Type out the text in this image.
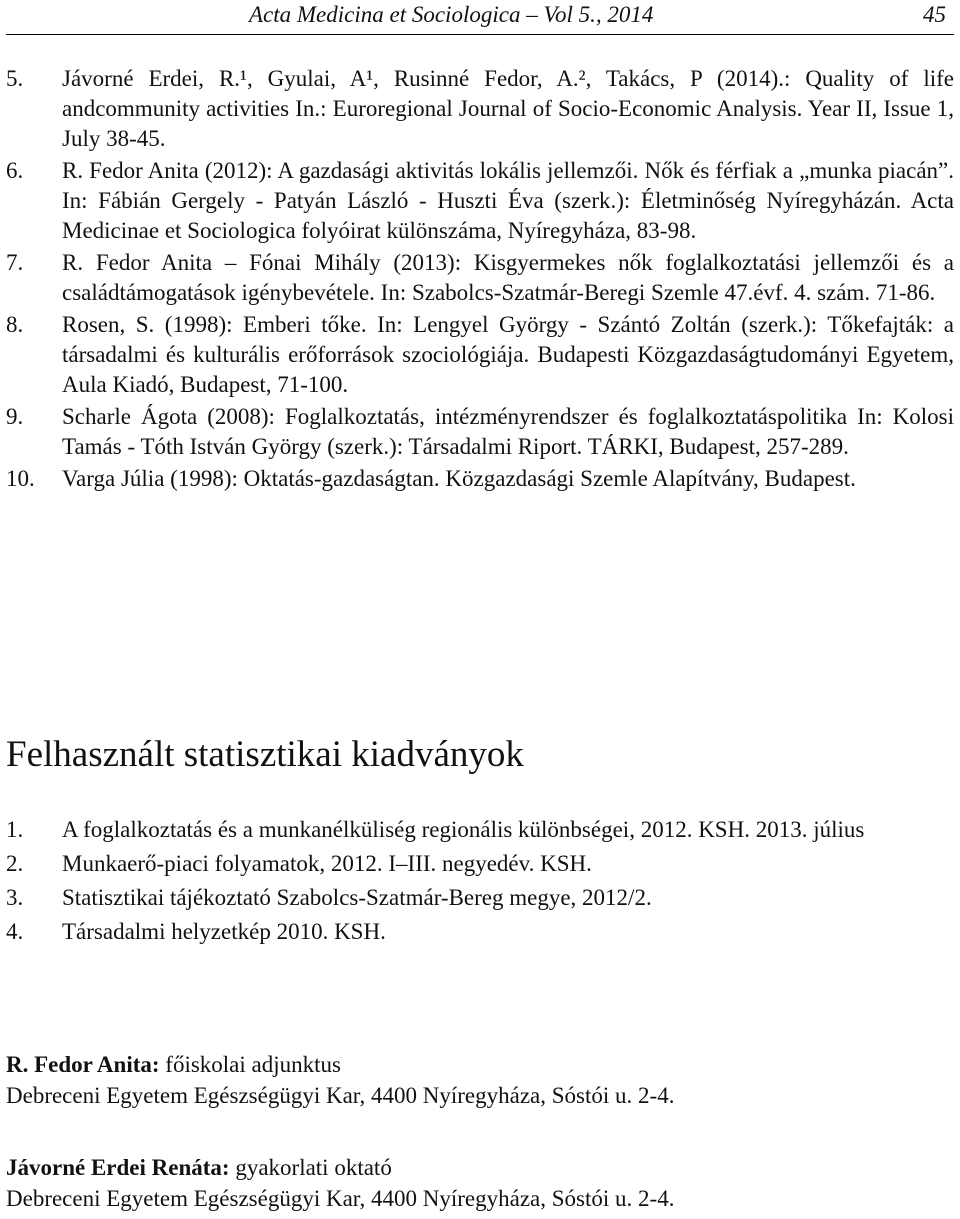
Acta Medicina et Sociologica – Vol 5., 2014	45
5.	Jávorné Erdei, R.¹, Gyulai, A¹, Rusinné Fedor, A.², Takács, P (2014).: Quality of life andcommunity activities In.: Euroregional Journal of Socio-Economic Analysis. Year II, Issue 1, July 38-45.
6.	R. Fedor Anita (2012): A gazdasági aktivitás lokális jellemzői. Nők és férfiak a „munka piacán”. In: Fábián Gergely - Patyán László - Huszti Éva (szerk.): Életminőség Nyíregyházán. Acta Medicinae et Sociologica folyóirat különszáma, Nyíregyháza, 83-98.
7.	R. Fedor Anita – Fónai Mihály (2013): Kisgyermekes nők foglalkoztatási jellemzői és a családtámogatások igénybevétele. In: Szabolcs-Szatmár-Beregi Szemle 47.évf. 4. szám. 71-86.
8.	Rosen, S. (1998): Emberi tőke. In: Lengyel György - Szántó Zoltán (szerk.): Tőkefajták: a társadalmi és kulturális erőforrások szociológiája. Budapesti Közgazdaságtudományi Egyetem, Aula Kiadó, Budapest, 71-100.
9.	Scharle Ágota (2008): Foglalkoztatás, intézményrendszer és foglalkoztatáspolitika In: Kolosi Tamás - Tóth István György (szerk.): Társadalmi Riport. TÁRKI, Budapest, 257-289.
10.	Varga Júlia (1998): Oktatás-gazdaságtan. Közgazdasági Szemle Alapítvány, Budapest.
Felhasznált statisztikai kiadványok
1.	A foglalkoztatás és a munkanélküliség regionális különbségei, 2012. KSH. 2013. július
2.	Munkaerő-piaci folyamatok, 2012. I–III. negyedév. KSH.
3.	Statisztikai tájékoztató Szabolcs-Szatmár-Bereg megye, 2012/2.
4.	Társadalmi helyzetkép 2010. KSH.
R. Fedor Anita: főiskolai adjunktus
Debreceni Egyetem Egészségügyi Kar, 4400 Nyíregyháza, Sóstói u. 2-4.
Jávorné Erdei Renáta: gyakorlati oktató
Debreceni Egyetem Egészségügyi Kar, 4400 Nyíregyháza, Sóstói u. 2-4.
